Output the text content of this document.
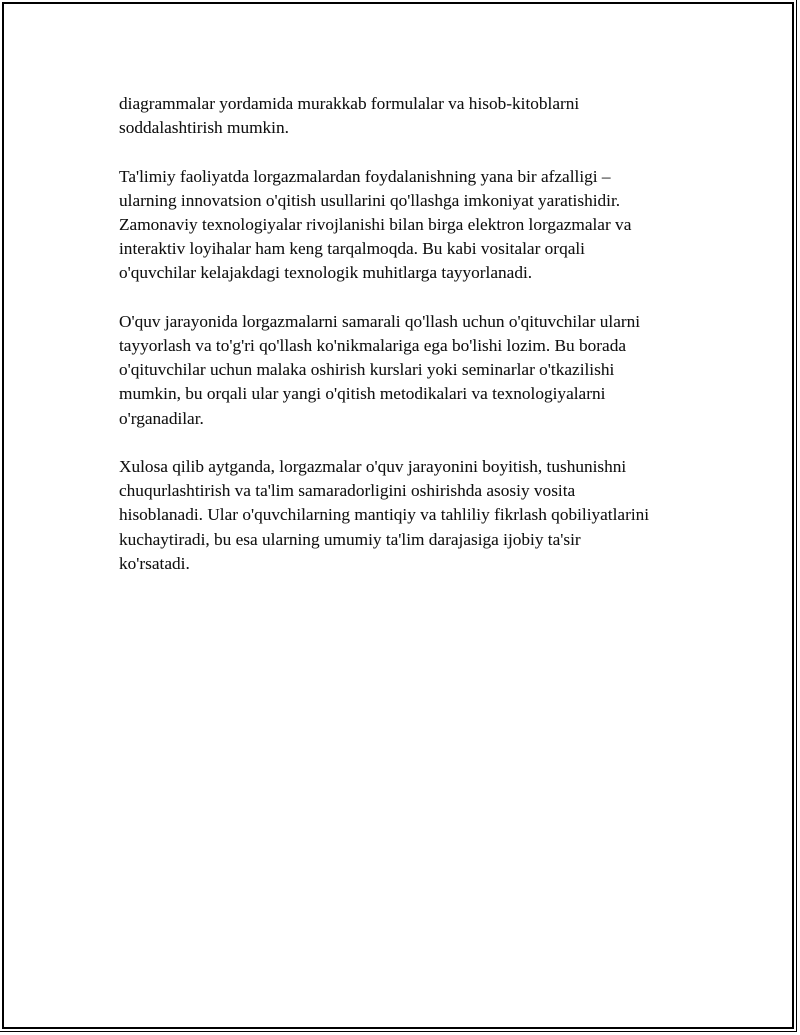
diagrammalar yordamida murakkab formulalar va hisob-kitoblarni
soddalashtirish mumkin.
Ta'limiy faoliyatda lorgazmalardan foydalanishning yana bir afzalligi –
ularning innovatsion o'qitish usullarini qo'llashga imkoniyat yaratishidir.
Zamonaviy texnologiyalar rivojlanishi bilan birga elektron lorgazmalar va
interaktiv loyihalar ham keng tarqalmoqda. Bu kabi vositalar orqali
o'quvchilar kelajakdagi texnologik muhitlarga tayyorlanadi.
O'quv jarayonida lorgazmalarni samarali qo'llash uchun o'qituvchilar ularni
tayyorlash va to'g'ri qo'llash ko'nikmalariga ega bo'lishi lozim. Bu borada
o'qituvchilar uchun malaka oshirish kurslari yoki seminarlar o'tkazilishi
mumkin, bu orqali ular yangi o'qitish metodikalari va texnologiyalarni
o'rganadilar.
Xulosa qilib aytganda, lorgazmalar o'quv jarayonini boyitish, tushunishni
chuqurlashtirish va ta'lim samaradorligini oshirishda asosiy vosita
hisoblanadi. Ular o'quvchilarning mantiqiy va tahliliy fikrlash qobiliyatlarini
kuchaytiradi, bu esa ularning umumiy ta'lim darajasiga ijobiy ta'sir
ko'rsatadi.
